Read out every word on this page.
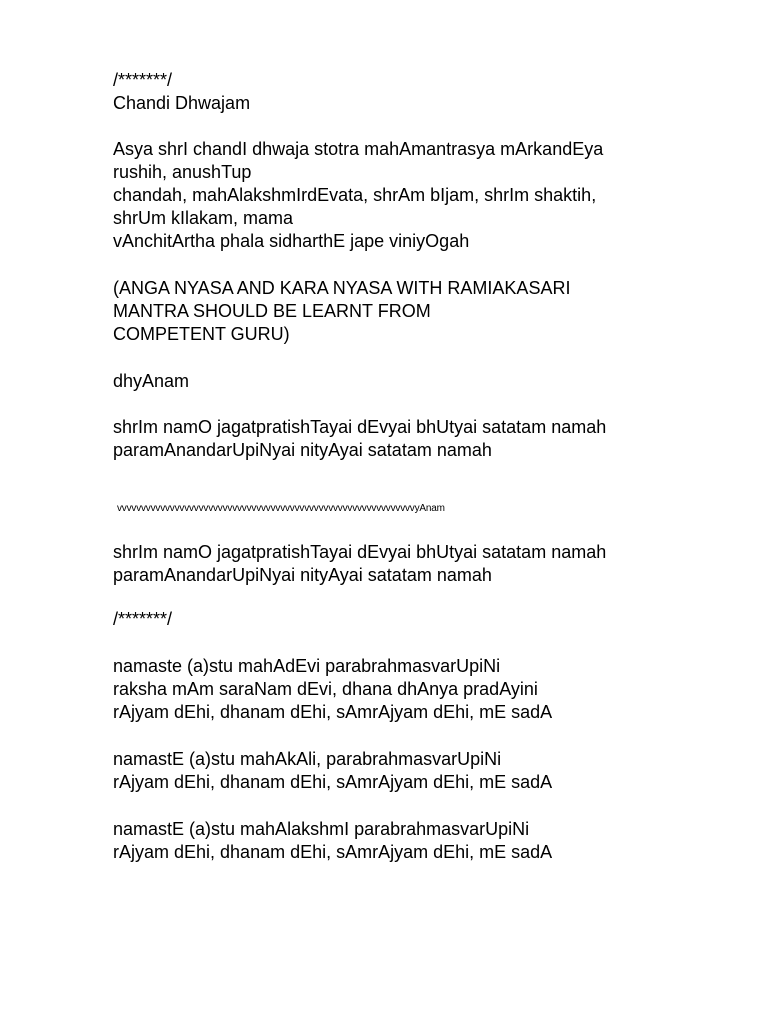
/*******/
Chandi Dhwajam
Asya shrI chandI dhwaja stotra mahAmantrasya mArkandEya
rushih, anushTup
chandah, mahAlakshmIrdEvata, shrAm bIjam, shrIm shaktih,
shrUm kIlakam, mama
vAnchitArtha phala sidharthE jape viniyOgah
(ANGA NYASA AND KARA NYASA WITH RAMIAKASARI
MANTRA SHOULD BE LEARNT FROM
COMPETENT GURU)
dhyAnam
shrIm namO jagatpratishTayai dEvyai bhUtyai satatam namah
paramAnandarUpiNyai nityAyai satatam namah
vvvvvvvvvvvvvvvvvvvvvvvvvvvvvvvvvvvvvvvvvvvvvvvvvvvvvvvvvvvvvvyAnam
shrIm namO jagatpratishTayai dEvyai bhUtyai satatam namah
paramAnandarUpiNyai nityAyai satatam namah
/*******/
namaste (a)stu mahAdEvi parabrahmasvarUpiNi
raksha mAm saraNam dEvi, dhana dhAnya pradAyini
rAjyam dEhi, dhanam dEhi, sAmrAjyam dEhi, mE sadA
namastE (a)stu mahAkAli, parabrahmasvarUpiNi
rAjyam dEhi, dhanam dEhi, sAmrAjyam dEhi, mE sadA
namastE (a)stu mahAlakshmI parabrahmasvarUpiNi
rAjyam dEhi, dhanam dEhi, sAmrAjyam dEhi, mE sadA
